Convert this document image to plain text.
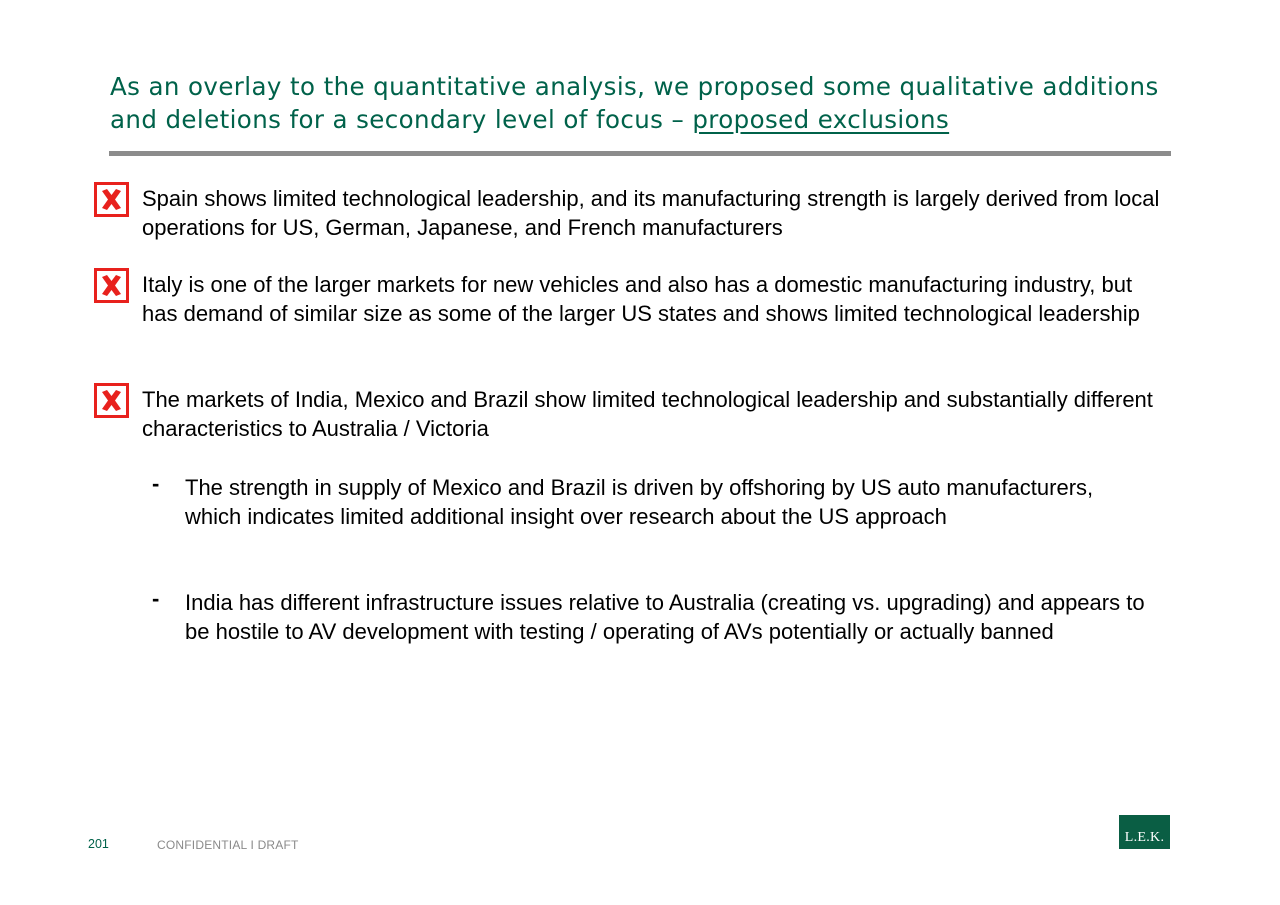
As an overlay to the quantitative analysis, we proposed some qualitative additions and deletions for a secondary level of focus – proposed exclusions
Spain shows limited technological leadership, and its manufacturing strength is largely derived from local operations for US, German, Japanese, and French manufacturers
Italy is one of the larger markets for new vehicles and also has a domestic manufacturing industry, but has demand of similar size as some of the larger US states and shows limited technological leadership
The markets of India, Mexico and Brazil show limited technological leadership and substantially different characteristics to Australia / Victoria
- The strength in supply of Mexico and Brazil is driven by offshoring by US auto manufacturers, which indicates limited additional insight over research about the US approach
- India has different infrastructure issues relative to Australia (creating vs. upgrading) and appears to be hostile to AV development with testing / operating of AVs potentially or actually banned
201	CONFIDENTIAL I DRAFT	L.E.K.
